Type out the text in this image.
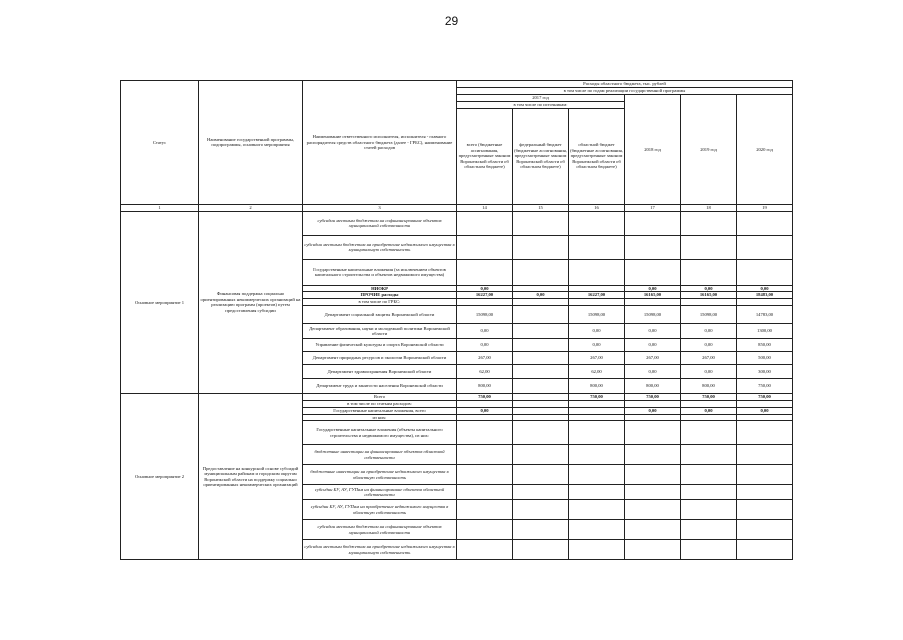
29
Статус	Наименование государственной программы, подпрограммы, основного мероприятия	Наименование ответственного исполнителя, исполнителя - главного распорядителя средств областного бюджета (далее - ГРБС), наименование статей расходов	Расходы областного бюджета, тыс. рублей					
			в том числе по годам реализации государственной программы					
			2017 год			2018 год	2019 год	2020 год
			в том числе по источникам:					
			всего (бюджетные ассигнования, предусмотренные законом Воронежской области об областном бюджете)	федеральный бюджет (бюджетные ассигнования, предусмотренные законом Воронежской области об областном бюджете)	областной бюджет (бюджетные ассигнования, предусмотренные законом Воронежской области об областном бюджете)			
1	2	3	14	15	16	17	18	19
Основное мероприятие 1	Финансовая поддержка социально ориентированных некоммерческих организаций на реализацию программ (проектов) путем предоставления субсидии	субсидии местным бюджетам на софинансирование объектов муниципальной собственности						
		субсидии местным бюджетам на приобретение недвижимого имущества в муниципальную собственность						
		Государственные капитальные вложения (за исключением объектов капитального строительства и объектов недвижимого имущества)						
		НИОКР	0,00			0,00	0,00	0,00
		ПРОЧИЕ расходы	16227,00	0,00	16227,00	16165,00	16165,00	18483,00
		в том числе по ГРБС:						
		Департамент социальной защиты Воронежской области	15098,00		15098,00	15098,00	15098,00	14783,00
		Департамент образования, науки и молодежной политики Воронежской области	0,00		0,00	0,00	0,00	1300,00
		Управление физической культуры и спорта Воронежской области	0,00		0,00	0,00	0,00	850,00
		Департамент природных ресурсов и экологии Воронежской области	267,00		267,00	267,00	267,00	500,00
		Департамент здравоохранения Воронежской области	62,00		62,00	0,00	0,00	300,00
		Департамент труда и занятости населения Воронежской области	800,00		800,00	800,00	800,00	750,00
Основное мероприятие 2	Предоставление на конкурсной основе субсидий муниципальным районам и городским округам Воронежской области на поддержку социально ориентированных некоммерческих организаций	Всего	750,00		750,00	750,00	750,00	750,00
		в том числе по статьям расходов:						
		Государственные капитальные вложения, всего	0,00			0,00	0,00	0,00
		из них:						
		Государственные капитальные вложения (объекты капитального строительства и недвижимого имущества), из них:						
		бюджетные инвестиции на финансирование объектов областной собственности						
		бюджетные инвестиции на приобретение недвижимого имущества в областную собственность						
		субсидии БУ, АУ, ГУПам на финансирование объектов областной собственности						
		субсидии БУ, АУ, ГУПам на приобретение недвижимого имущества в областную собственность						
		субсидии местным бюджетам на софинансирование объектов муниципальной собственности						
		субсидии местным бюджетам на приобретение недвижимого имущества в муниципальную собственность						
